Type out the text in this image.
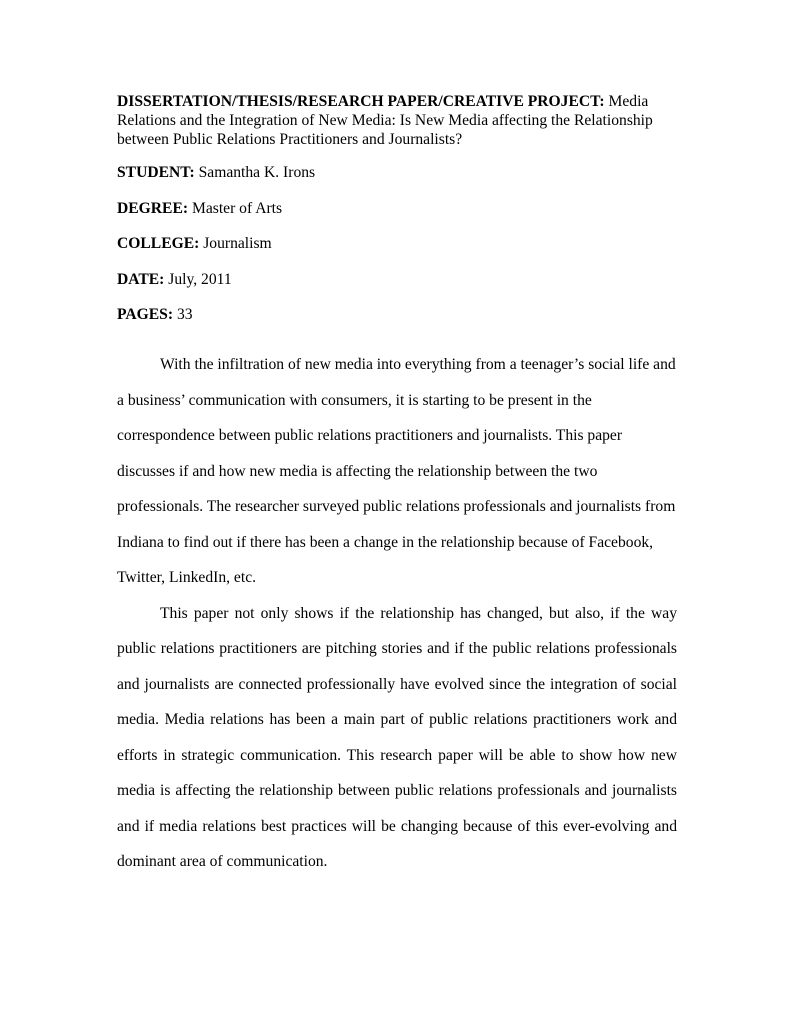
DISSERTATION/THESIS/RESEARCH PAPER/CREATIVE PROJECT: Media Relations and the Integration of New Media: Is New Media affecting the Relationship between Public Relations Practitioners and Journalists?

STUDENT: Samantha K. Irons

DEGREE: Master of Arts

COLLEGE: Journalism

DATE: July, 2011

PAGES: 33

With the infiltration of new media into everything from a teenager’s social life and a business’ communication with consumers, it is starting to be present in the correspondence between public relations practitioners and journalists. This paper discusses if and how new media is affecting the relationship between the two professionals. The researcher surveyed public relations professionals and journalists from Indiana to find out if there has been a change in the relationship because of Facebook, Twitter, LinkedIn, etc.

This paper not only shows if the relationship has changed, but also, if the way public relations practitioners are pitching stories and if the public relations professionals and journalists are connected professionally have evolved since the integration of social media. Media relations has been a main part of public relations practitioners work and efforts in strategic communication. This research paper will be able to show how new media is affecting the relationship between public relations professionals and journalists and if media relations best practices will be changing because of this ever-evolving and dominant area of communication.
